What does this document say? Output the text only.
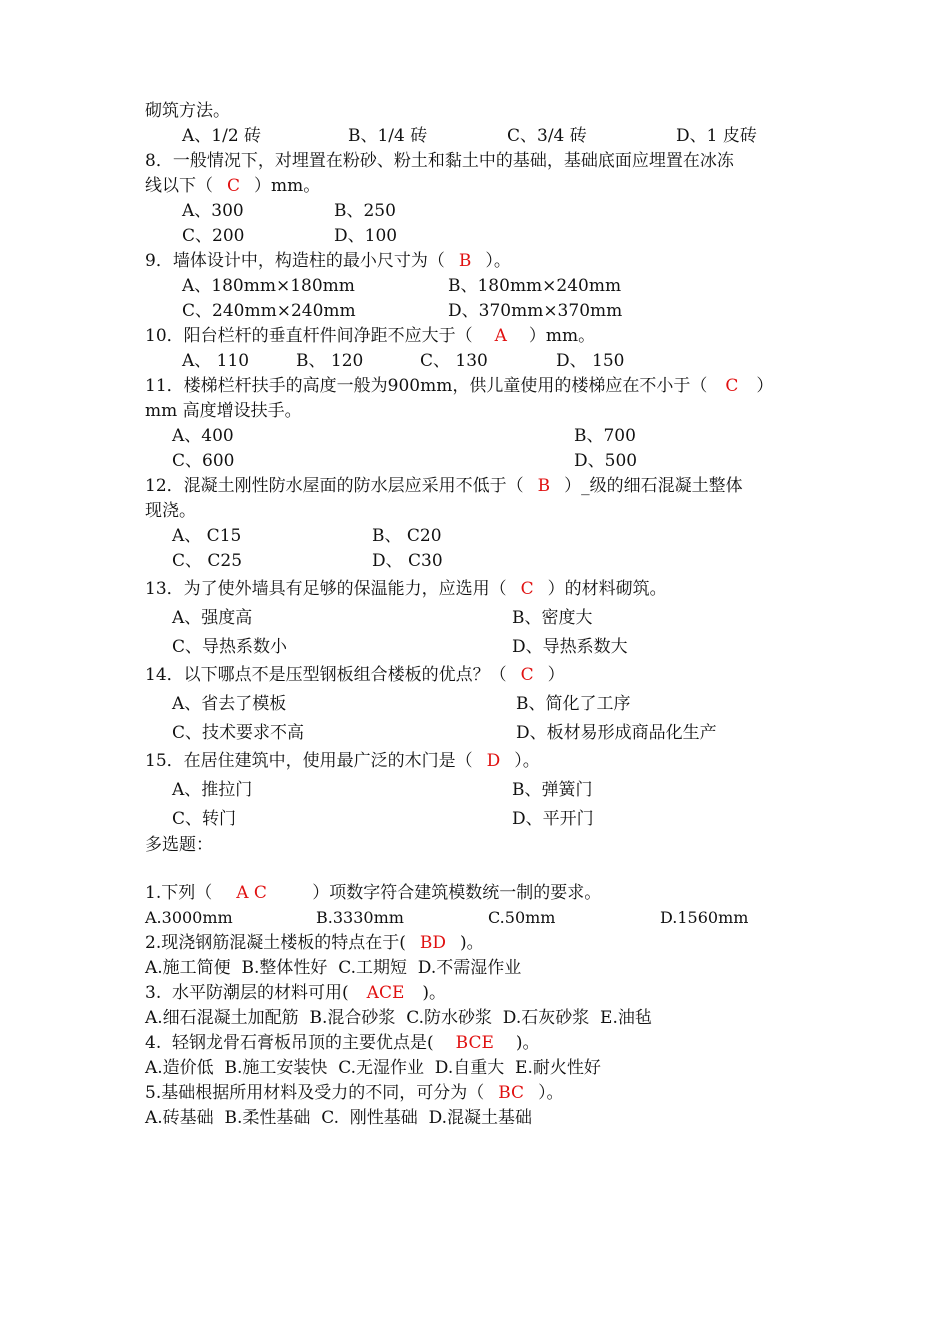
砌筑方法。
A、1/2 砖	B、1/4 砖	C、3/4 砖	D、1 皮砖
8．一般情况下，对埋置在粉砂、粉土和黏土中的基础，基础底面应埋置在冰冻
线以下（ C ）mm。
A、300	B、250
C、200	D、100
9．墙体设计中，构造柱的最小尺寸为（ B ）。
A、180mm×180mm	B、180mm×240mm
C、240mm×240mm	D、370mm×370mm
10．阳台栏杆的垂直杆件间净距不应大于（ A ）mm。
A、 110	B、 120	C、 130	D、 150
11．楼梯栏杆扶手的高度一般为900mm，供儿童使用的楼梯应在不小于（ C ）
mm 高度增设扶手。
A、400	B、700
C、600	D、500
12．混凝土刚性防水屋面的防水层应采用不低于（ B ）_级的细石混凝土整体
现浇。
A、 C15	B、 C20
C、 C25	D、 C30
13．为了使外墙具有足够的保温能力，应选用（ C ）的材料砌筑。
A、强度高	B、密度大
C、导热系数小	D、导热系数大
14．以下哪点不是压型钢板组合楼板的优点？（ C ）
A、省去了模板	B、简化了工序
C、技术要求不高	D、板材易形成商品化生产
15．在居住建筑中，使用最广泛的木门是（ D ）。
A、推拉门	B、弹簧门
C、转门	D、平开门
多选题：
1.下列（ A C	）项数字符合建筑模数统一制的要求。
A.3000mm	B.3330mm	C.50mm	D.1560mm
2.现浇钢筋混凝土楼板的特点在于( BD )。
A.施工简便  B.整体性好  C.工期短  D.不需湿作业
3.  水平防潮层的材料可用( ACE )。
A.细石混凝土加配筋  B.混合砂浆  C.防水砂浆  D.石灰砂浆  E.油毡
4.  轻钢龙骨石膏板吊顶的主要优点是( BCE )。
A.造价低  B.施工安装快  C.无湿作业  D.自重大  E.耐火性好
5.基础根据所用材料及受力的不同，可分为（ BC ）。
A.砖基础  B.柔性基础  C.  刚性基础  D.混凝土基础
